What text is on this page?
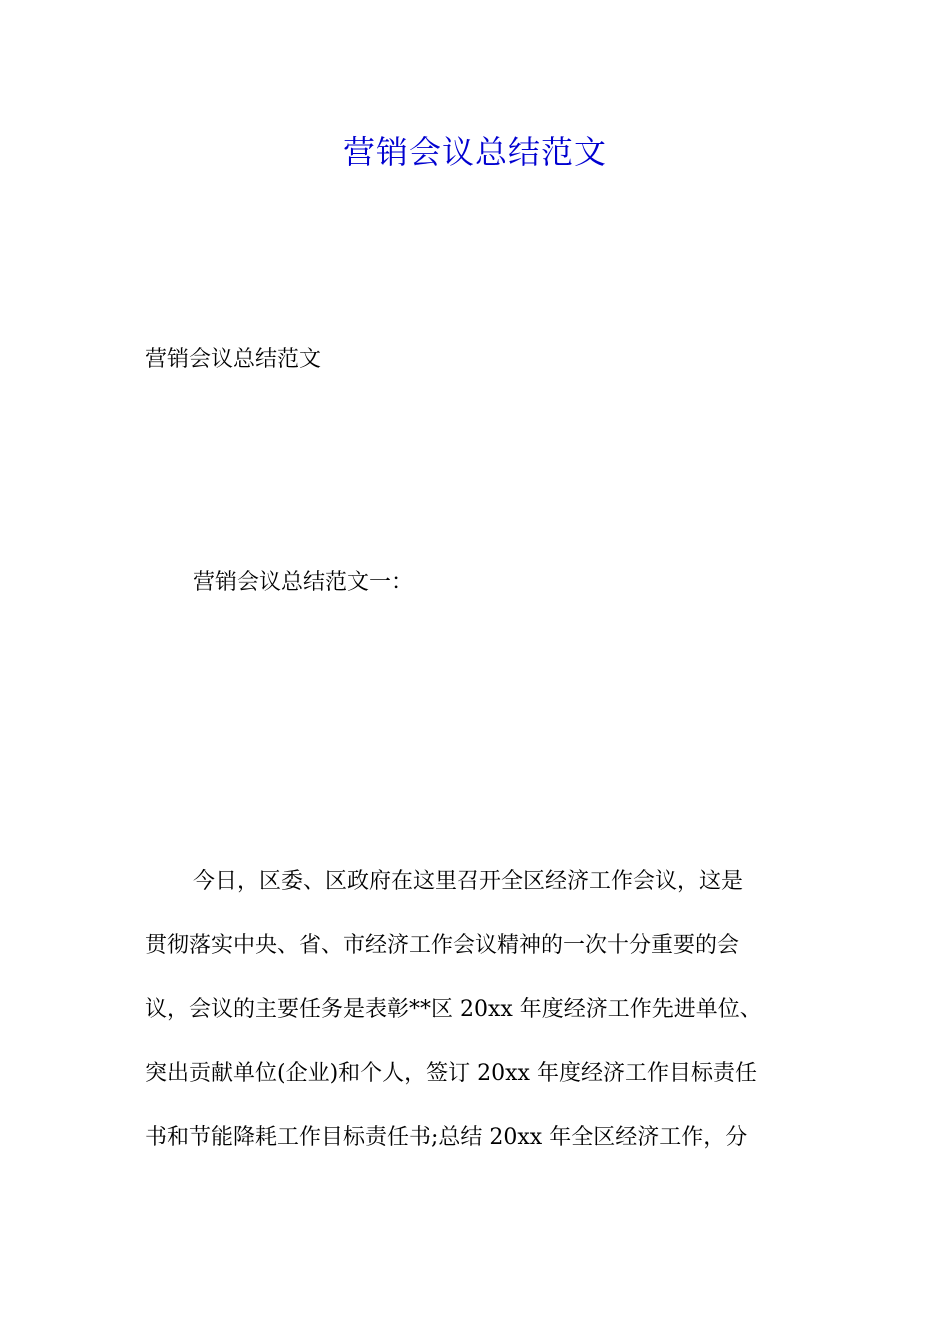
营销会议总结范文

营销会议总结范文

营销会议总结范文一：

今日，区委、区政府在这里召开全区经济工作会议，这是
贯彻落实中央、省、市经济工作会议精神的一次十分重要的会
议，会议的主要任务是表彰**区 20xx 年度经济工作先进单位、
突出贡献单位(企业)和个人，签订 20xx 年度经济工作目标责任
书和节能降耗工作目标责任书;总结 20xx 年全区经济工作，分
